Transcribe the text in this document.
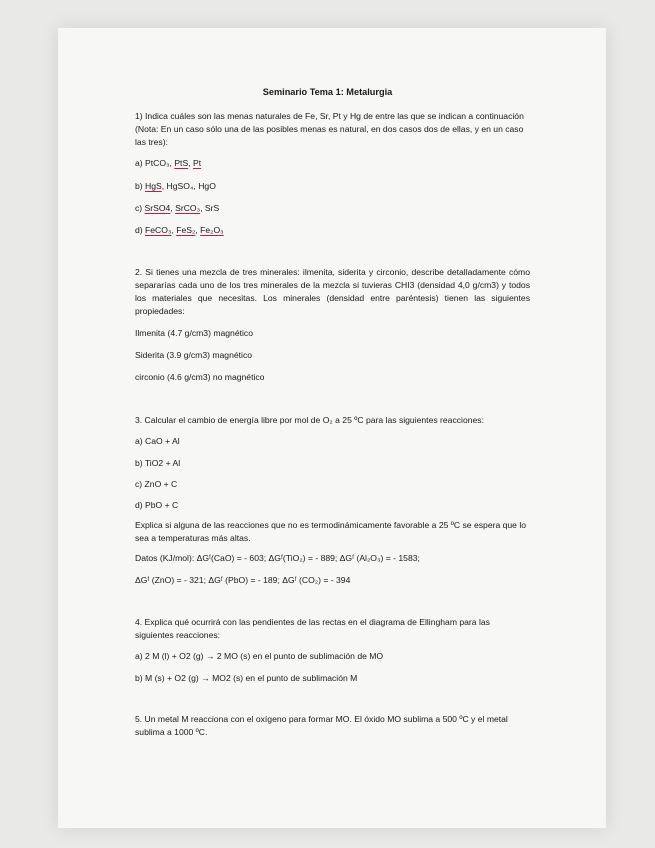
Seminario Tema 1: Metalurgia

1) Indica cuáles son las menas naturales de Fe, Sr, Pt y Hg de entre las que se indican a continuación (Nota: En un caso sólo una de las posibles menas es natural, en dos casos dos de ellas, y en un caso las tres):

a) PtCO₃, PtS, Pt
b) HgS, HgSO₄, HgO
c) SrSO4, SrCO₃, SrS
d) FeCO₃, FeS₂, Fe₂O₃

2. Si tienes una mezcla de tres minerales: ilmenita, siderita y circonio, describe detalladamente cómo separarías cada uno de los tres minerales de la mezcla si tuvieras CHI3 (densidad 4,0 g/cm3) y todos los materiales que necesitas. Los minerales (densidad entre paréntesis) tienen las siguientes propiedades:

Ilmenita (4.7 g/cm3) magnético
Siderita (3.9 g/cm3) magnético
circonio (4.6 g/cm3) no magnético

3. Calcular el cambio de energía libre por mol de O₂ a 25 ºC para las siguientes reacciones:

a) CaO + Al
b) TiO2 + Al
c) ZnO + C
d) PbO + C

Explica si alguna de las reacciones que no es termodinámicamente favorable a 25 ºC se espera que lo sea a temperaturas más altas.

Datos (KJ/mol): ΔGᶠ(CaO) = - 603; ΔGᶠ(TiO₂) = - 889; ΔGᶠ (Al₂O₃) = - 1583;
ΔGᶠ (ZnO) = - 321; ΔGᶠ (PbO) = - 189; ΔGᶠ (CO₂) = - 394

4. Explica qué ocurrirá con las pendientes de las rectas en el diagrama de Ellingham para las siguientes reacciones:

a) 2 M (l) + O2 (g) → 2 MO (s) en el punto de sublimación de MO
b) M (s) + O2 (g) → MO2 (s) en el punto de sublimación M

5. Un metal M reacciona con el oxígeno para formar MO. El óxido MO sublima a 500 ºC y el metal sublima a 1000 ºC.
